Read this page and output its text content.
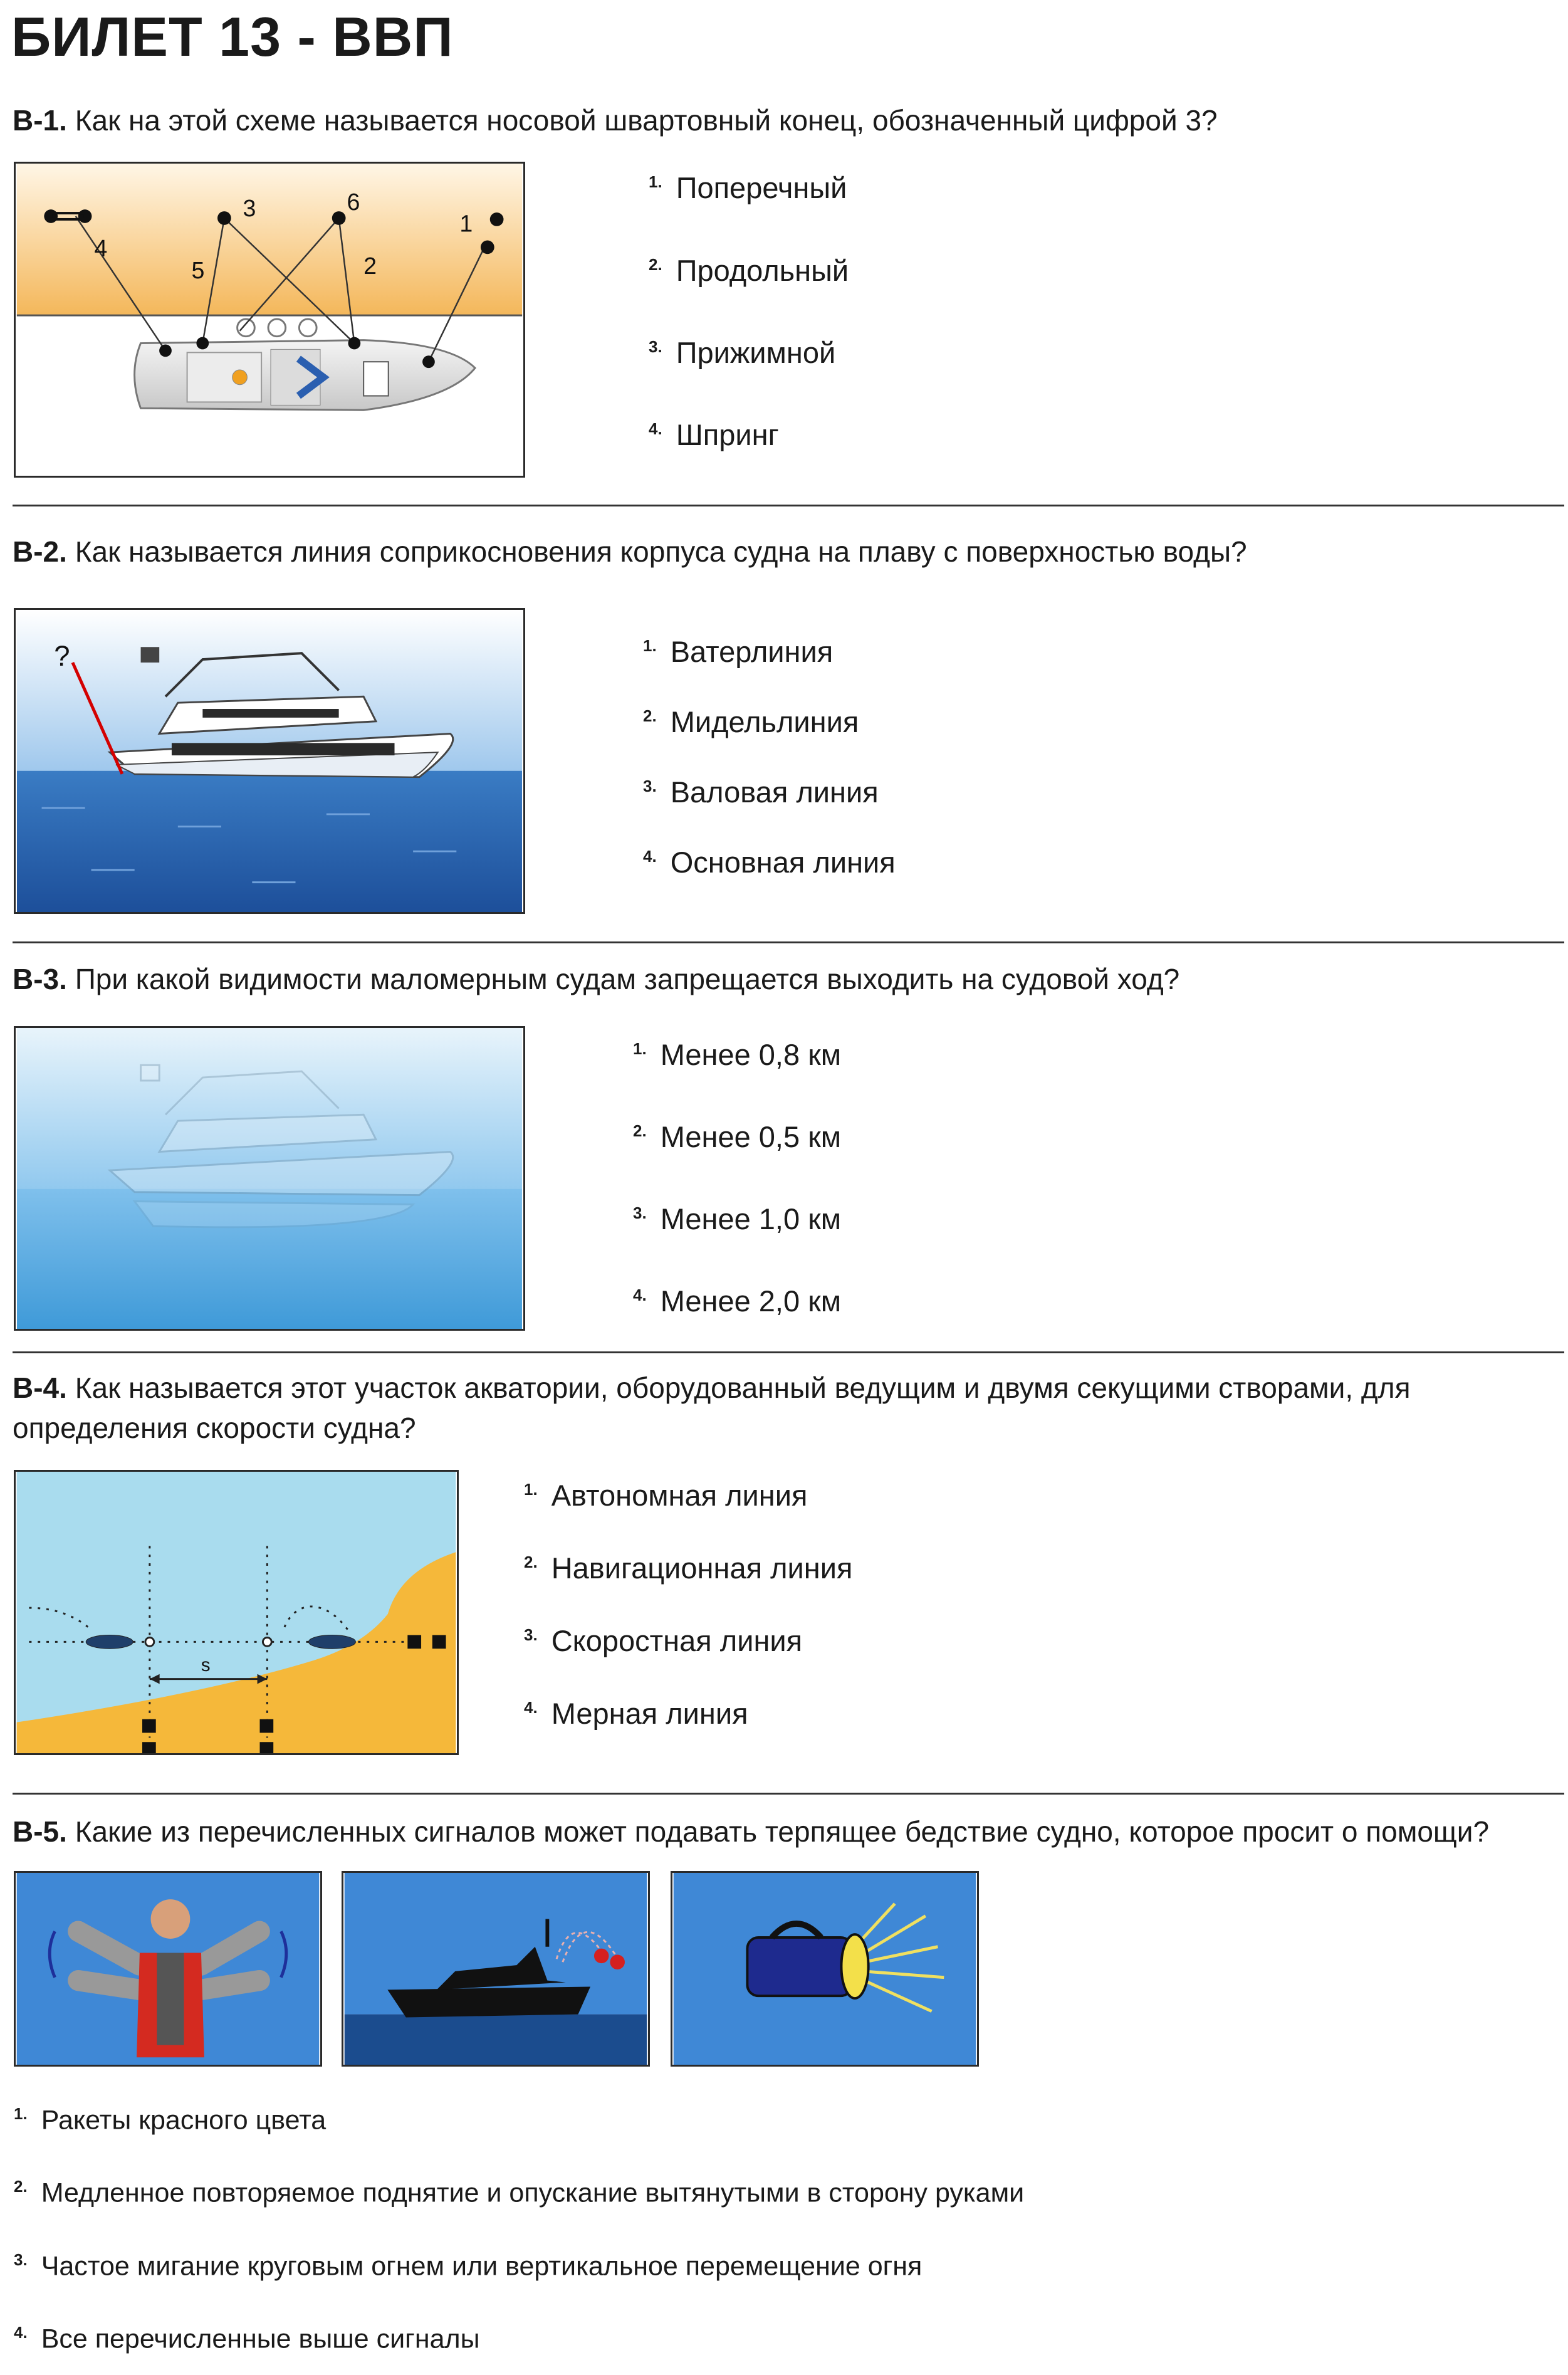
БИЛЕТ 13 - ВВП
В-1. Как на этой схеме называется носовой швартовный конец, обозначенный цифрой 3?
1
2
3
4
5
6
$^{1.}$ Поперечный
$^{2.}$ Продольный
$^{3.}$ Прижимной
$^{4.}$ Шпринг
В-2. Как называется линия соприкосновения корпуса судна на плаву с поверхностью воды?
?	$^{1.}$ Ватерлиния
$^{2.}$ Мидельлиния
$^{3.}$ Валовая линия
$^{4.}$ Основная линия
В-3. При какой видимости маломерным судам запрещается выходить на судовой ход?
$^{1.}$ Менее 0,8 км
$^{2.}$ Менее 0,5 км
$^{3.}$ Менее 1,0 км
$^{4.}$ Менее 2,0 км
В-4. Как называется этот участок акватории, оборудованный ведущим и двумя секущими створами, для определения скорости судна?
s
$^{1.}$ Автономная линия
$^{2.}$ Навигационная линия
$^{3.}$ Скоростная линия
$^{4.}$ Мерная линия
В-5. Какие из перечисленных сигналов может подавать терпящее бедствие судно, которое просит о помощи?
$^{1.}$ Ракеты красного цвета
$^{2.}$ Медленное повторяемое поднятие и опускание вытянутыми в сторону руками
$^{3.}$ Частое мигание круговым огнем или вертикальное перемещение огня
$^{4.}$ Все перечисленные выше сигналы
